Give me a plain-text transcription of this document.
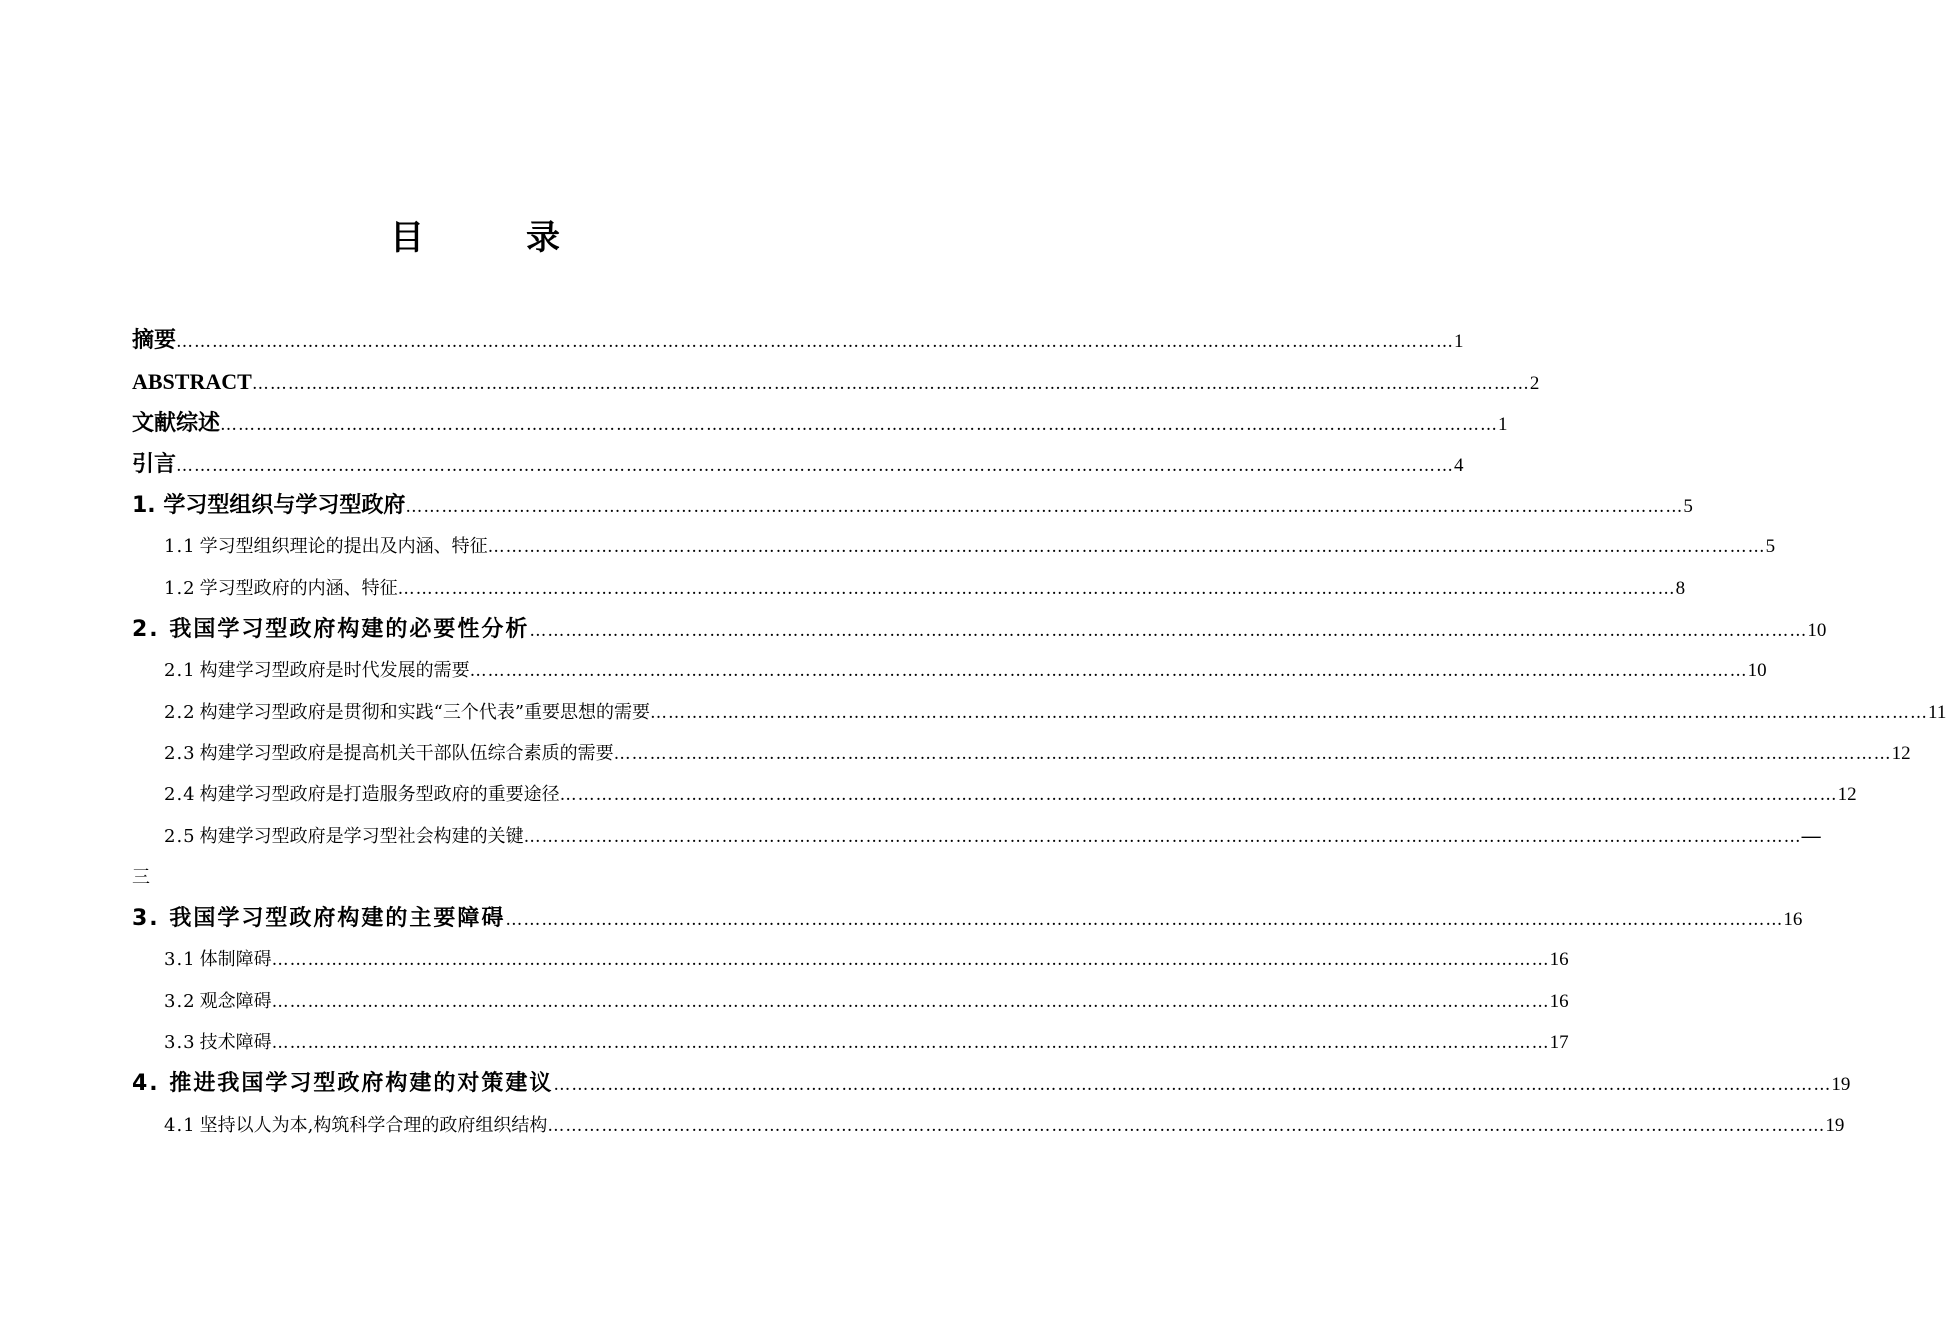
目　录
摘要 …………………………………………………………………………………………………………………………………………………………………………………………… 1
ABSTRACT …………………………………………………………………………………………………………………………………………………………………………………………… 2
文献综述 …………………………………………………………………………………………………………………………………………………………………………………………… 1
引言 …………………………………………………………………………………………………………………………………………………………………………………………… 4
1. 学习型组织与学习型政府 …………………………………………………………………………………………………………………………………………………………………………………………… 5
1.1 学习型组织理论的提出及内涵、特征 …………………………………………………………………………………………………………………………………………………………………………………………… 5
1.2 学习型政府的内涵、特征 …………………………………………………………………………………………………………………………………………………………………………………………… 8
2. 我国学习型政府构建的必要性分析 …………………………………………………………………………………………………………………………………………………………………………………………… 10
2.1 构建学习型政府是时代发展的需要 …………………………………………………………………………………………………………………………………………………………………………………………… 10
2.2 构建学习型政府是贯彻和实践“三个代表”重要思想的需要 …………………………………………………………………………………………………………………………………………………………………………………………… 11
2.3 构建学习型政府是提高机关干部队伍综合素质的需要 …………………………………………………………………………………………………………………………………………………………………………………………… 12
2.4 构建学习型政府是打造服务型政府的重要途径 …………………………………………………………………………………………………………………………………………………………………………………………… 12
2.5 构建学习型政府是学习型社会构建的关键 …………………………………………………………………………………………………………………………………………………………………………………………… —
三
3. 我国学习型政府构建的主要障碍 …………………………………………………………………………………………………………………………………………………………………………………………… 16
3.1 体制障碍 …………………………………………………………………………………………………………………………………………………………………………………………… 16
3.2 观念障碍 …………………………………………………………………………………………………………………………………………………………………………………………… 16
3.3 技术障碍 …………………………………………………………………………………………………………………………………………………………………………………………… 17
4. 推进我国学习型政府构建的对策建议 …………………………………………………………………………………………………………………………………………………………………………………………… 19
4.1 坚持以人为本,构筑科学合理的政府组织结构 …………………………………………………………………………………………………………………………………………………………………………………………… 19
